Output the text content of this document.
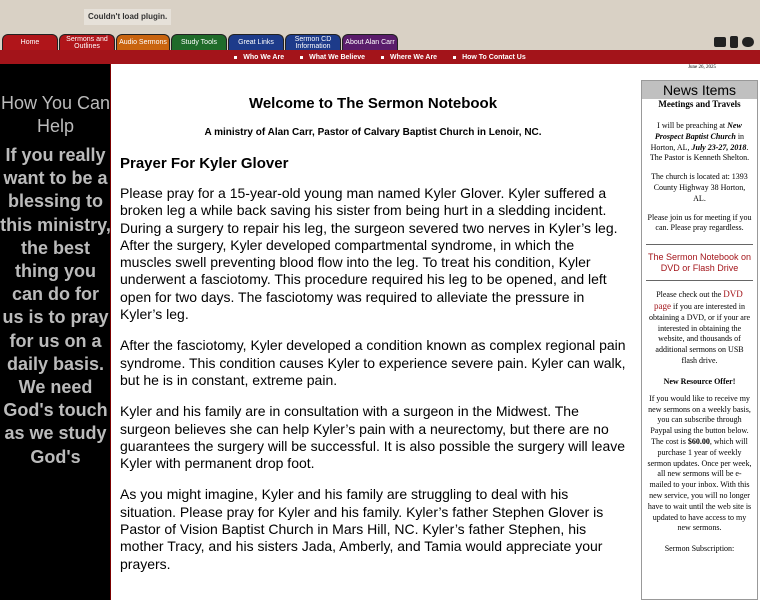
Couldn't load plugin.
Home	Sermons and Outlines	Audio Sermons	Study Tools	Great Links	Sermon CD Information	About Alan Carr
Who We Are	What We Believe	Where We Are	How To Contact Us
How You Can Help
If you really want to be a blessing to this ministry, the best thing you can do for us is to pray for us on a daily basis. We need God's touch as we study God's
June 26, 2025
Welcome to The Sermon Notebook
A ministry of Alan Carr, Pastor of Calvary Baptist Church in Lenoir, NC.
Prayer For Kyler Glover

Please pray for a 15-year-old young man named Kyler Glover. Kyler suffered a broken leg a while back saving his sister from being hurt in a sledding incident. During a surgery to repair his leg, the surgeon severed two nerves in Kyler’s leg. After the surgery, Kyler developed compartmental syndrome, in which the muscles swell preventing blood flow into the leg. To treat his condition, Kyler underwent a fasciotomy. This procedure required his leg to be opened, and left open for two days. The fasciotomy was required to alleviate the pressure in Kyler’s leg.

After the fasciotomy, Kyler developed a condition known as complex regional pain syndrome. This condition causes Kyler to experience severe pain. Kyler can walk, but he is in constant, extreme pain.

Kyler and his family are in consultation with a surgeon in the Midwest. The surgeon believes she can help Kyler’s pain with a neurectomy, but there are no guarantees the surgery will be successful. It is also possible the surgery will leave Kyler with permanent drop foot.

As you might imagine, Kyler and his family are struggling to deal with his situation. Please pray for Kyler and his family. Kyler’s father Stephen Glover is Pastor of Vision Baptist Church in Mars Hill, NC. Kyler’s father Stephen, his mother Tracy, and his sisters Jada, Amberly, and Tamia would appreciate your prayers.

News Items
Meetings and Travels
I will be preaching at New Prospect Baptist Church in Horton, AL, July 23-27, 2018. The Pastor is Kenneth Shelton.
The church is located at: 1393 County Highway 38 Horton, AL.
Please join us for meeting if you can. Please pray regardless.
The Sermon Notebook on DVD or Flash Drive
Please check out the DVD page if you are interested in obtaining a DVD, or if your are interested in obtaining the website, and thousands of additional sermons on USB flash drive.
New Resource Offer!
If you would like to receive my new sermons on a weekly basis, you can subscribe through Paypal using the button below. The cost is $60.00, which will purchase 1 year of weekly sermon updates. Once per week, all new sermons will be e-mailed to your inbox. With this new service, you will no longer have to wait until the web site is updated to have access to my new sermons.
Sermon Subscription:
